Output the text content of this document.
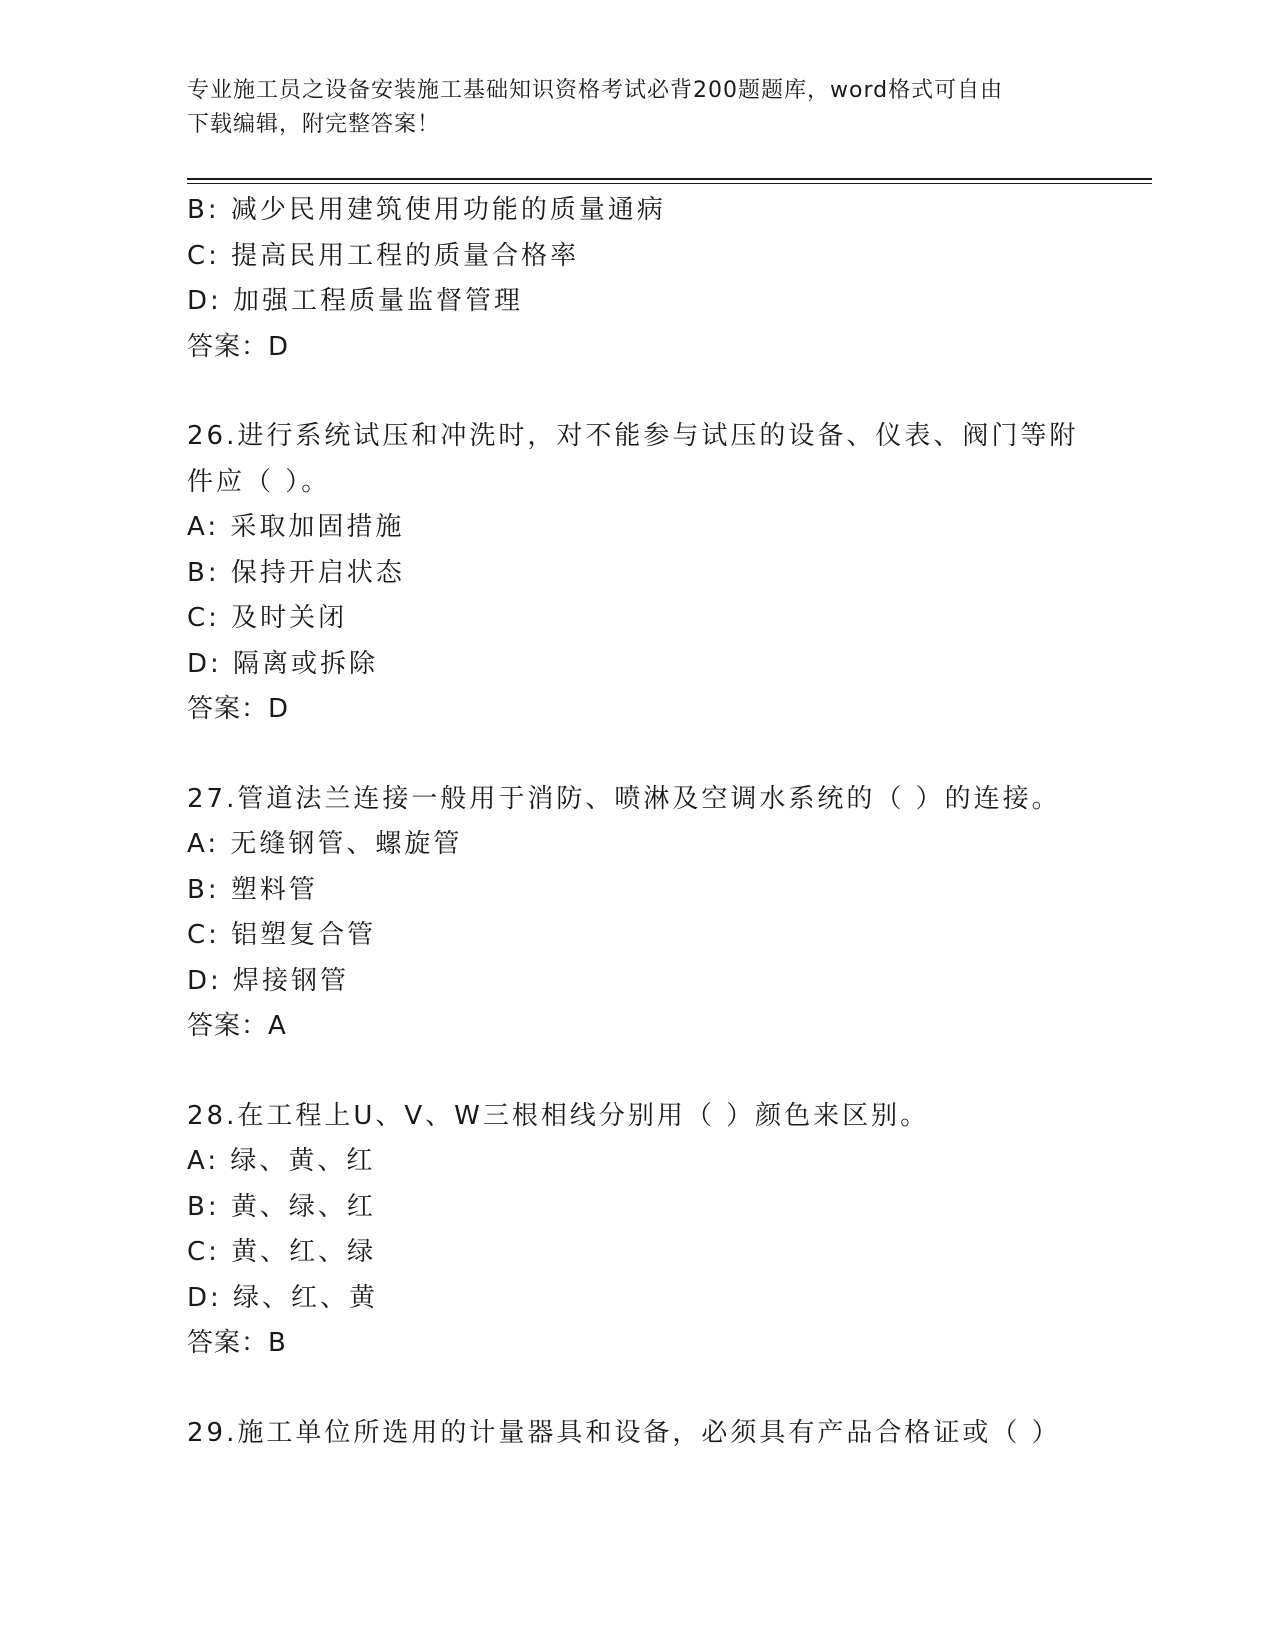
专业施工员之设备安装施工基础知识资格考试必背200题题库，word格式可自由
下载编辑，附完整答案！
B: 减少民用建筑使用功能的质量通病
C: 提高民用工程的质量合格率
D: 加强工程质量监督管理
答案：D
26.进行系统试压和冲洗时，对不能参与试压的设备、仪表、阀门等附
件应（ ）。
A: 采取加固措施
B: 保持开启状态
C: 及时关闭
D: 隔离或拆除
答案：D
27.管道法兰连接一般用于消防、喷淋及空调水系统的（ ）的连接。
A: 无缝钢管、螺旋管
B: 塑料管
C: 铝塑复合管
D: 焊接钢管
答案：A
28.在工程上U、V、W三根相线分别用（ ）颜色来区别。
A: 绿、黄、红
B: 黄、绿、红
C: 黄、红、绿
D: 绿、红、黄
答案：B
29.施工单位所选用的计量器具和设备，必须具有产品合格证或（ ）
